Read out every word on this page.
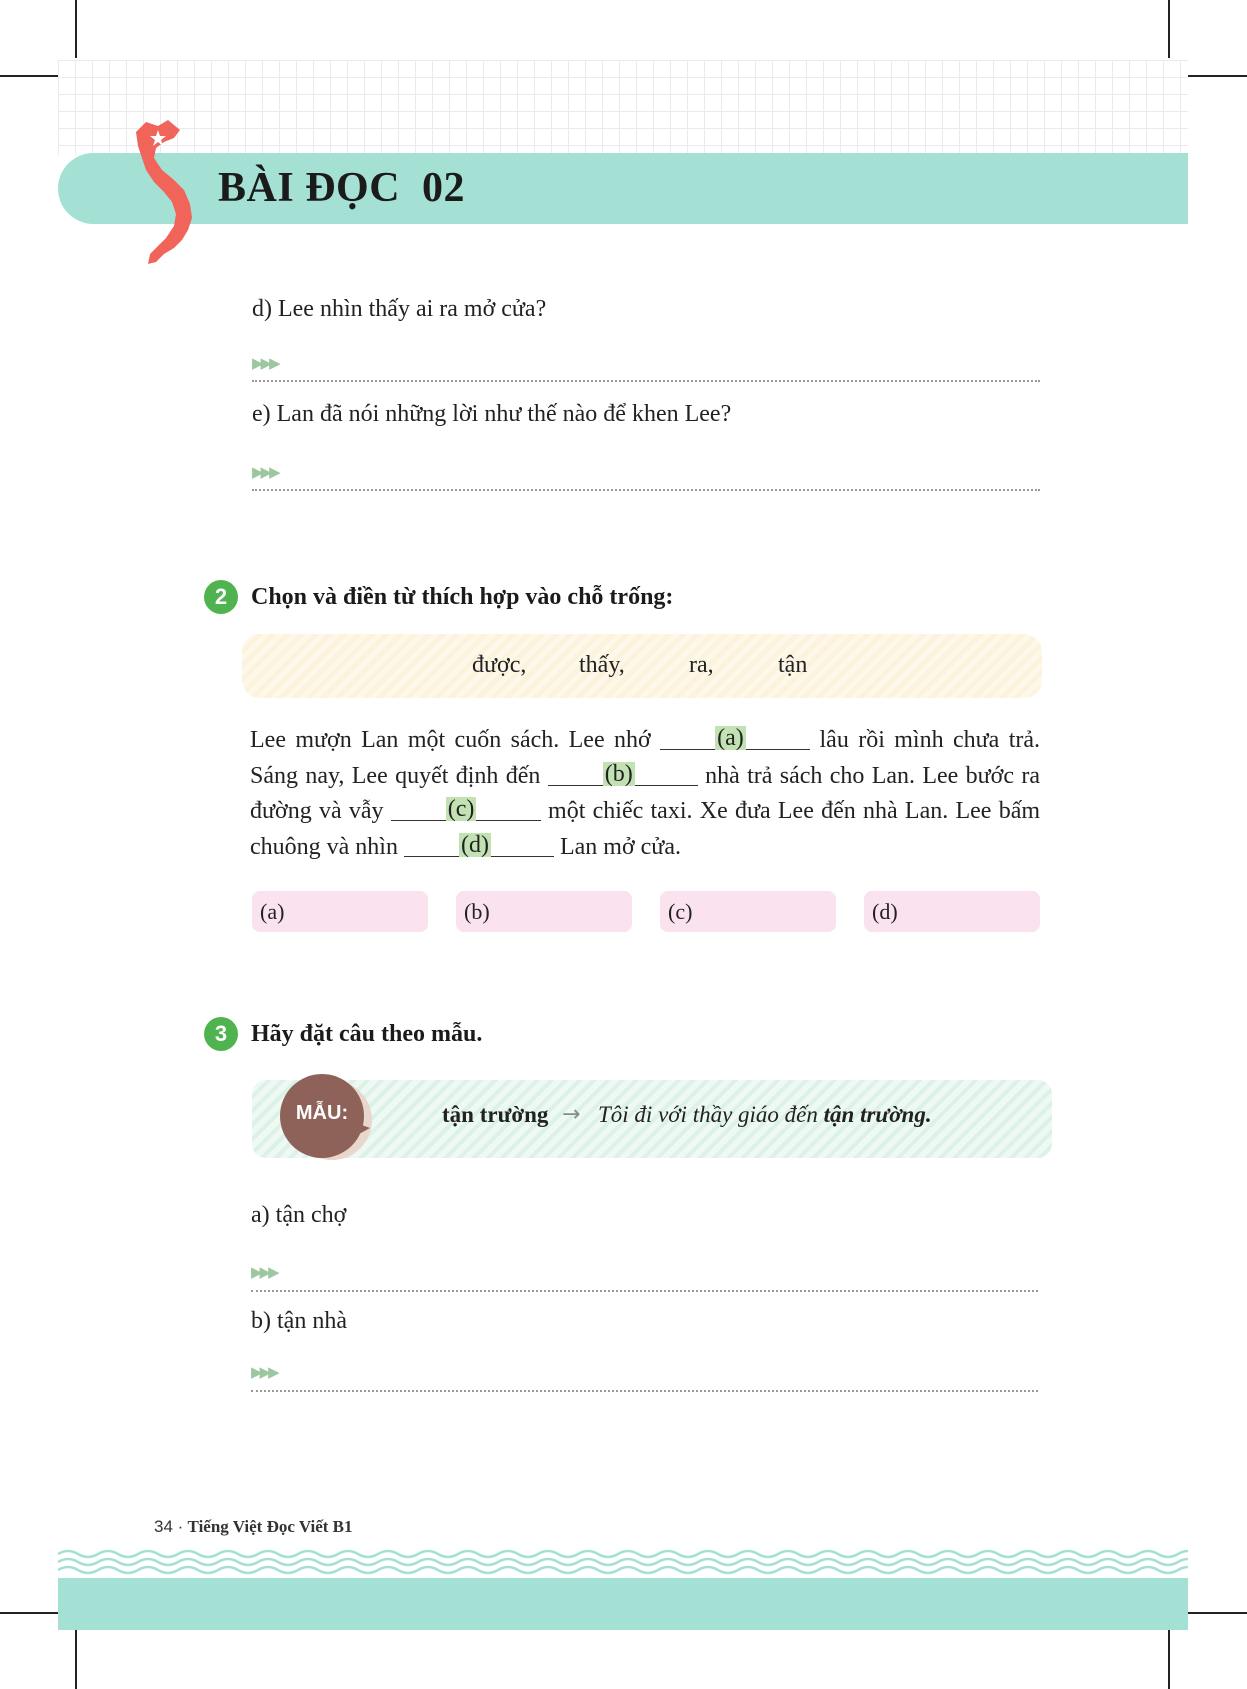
BÀI ĐỌC  02
d) Lee nhìn thấy ai ra mở cửa?
▶▶▶
e) Lan đã nói những lời như thế nào để khen Lee?
▶▶▶
2 Chọn và điền từ thích hợp vào chỗ trống:
được, thấy,	ra,	tận
Lee mượn Lan một cuốn sách. Lee nhớ	(a)	lâu rồi mình chưa trả. Sáng nay, Lee quyết định đến	(b)	nhà trả sách cho Lan. Lee bước ra đường và vẫy	(c)	một chiếc taxi. Xe đưa Lee đến nhà Lan. Lee bấm chuông và nhìn	(d)	Lan mở cửa.
(a)	(b)	(c)	(d)
3 Hãy đặt câu theo mẫu.
MẪU:	tận trường → Tôi đi với thầy giáo đến tận trường.
a) tận chợ
▶▶▶
b) tận nhà
▶▶▶
34 · Tiếng Việt Đọc Viết B1
